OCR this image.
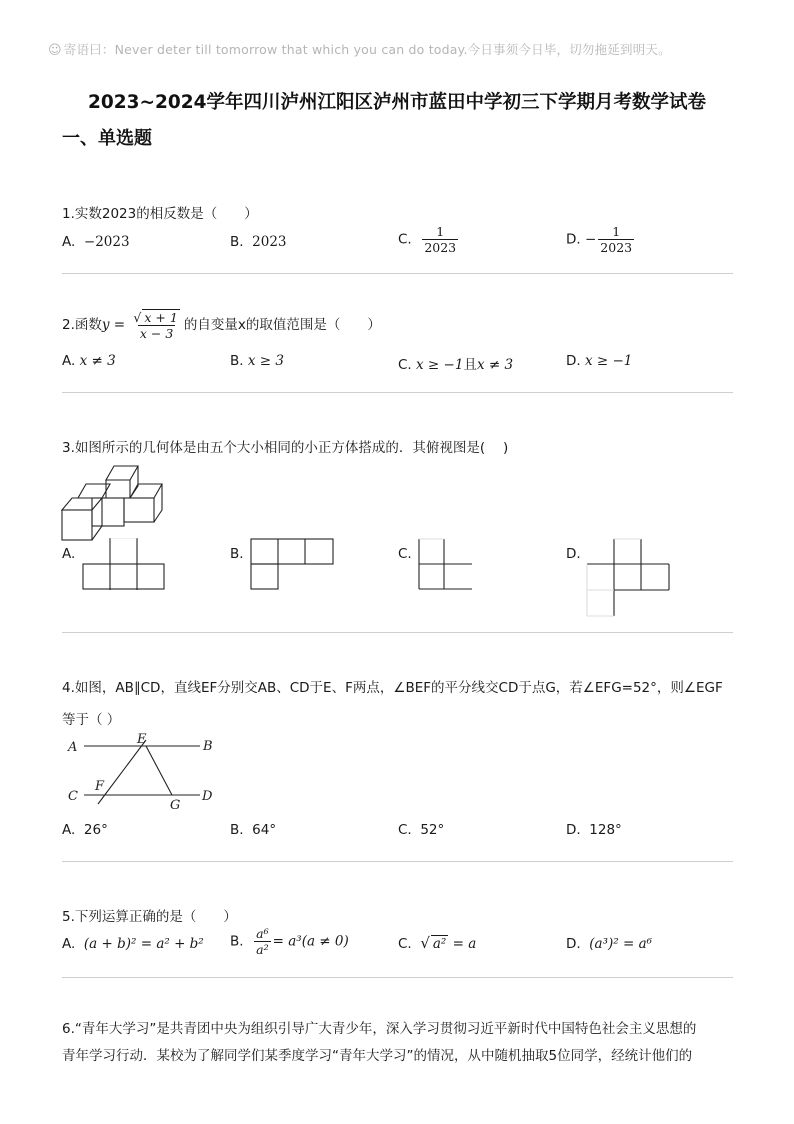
☺ 寄语曰：Never deter till tomorrow that which you can do today.今日事须今日毕，切勿拖延到明天。
2023~2024学年四川泸州江阳区泸州市蓝田中学初三下学期月考数学试卷
一、单选题
1.实数2023的相反数是（　　）
A. −2023	B. 2023	C. $\frac{1}{2023}$	D. − $\frac{1}{2023}$
2.函数$y = \frac{√ x + 1}{x - 3}$ 的自变量x的取值范围是（　　）
A. x ≠ 3	B. x ≥ 3	C. x ≥ −1且x ≠ 3	D. x ≥ −1
3.如图所示的几何体是由五个大小相同的小正方体搭成的．其俯视图是(　 )
A.	B.	C.	D.
4.如图，AB∥CD，直线EF分别交AB、CD于E、F两点，∠BEF的平分线交CD于点G，若∠EFG=52°，则∠EGF
等于（ ）
A	B
C	D
E
F
G
A. 26°	B. 64°	C. 52°	D. 128°
5.下列运算正确的是（　　）
A. (a + b)² = a² + b² B. $\frac{\text{a⁶}}{\text{a²}} = a^3(a \ne 0)$	C. √ a² = a	D. (a³)² = a⁶
6.“青年大学习”是共青团中央为组织引导广大青少年，深入学习贯彻习近平新时代中国特色社会主义思想的
青年学习行动．某校为了解同学们某季度学习“青年大学习”的情况，从中随机抽取5位同学，经统计他们的
